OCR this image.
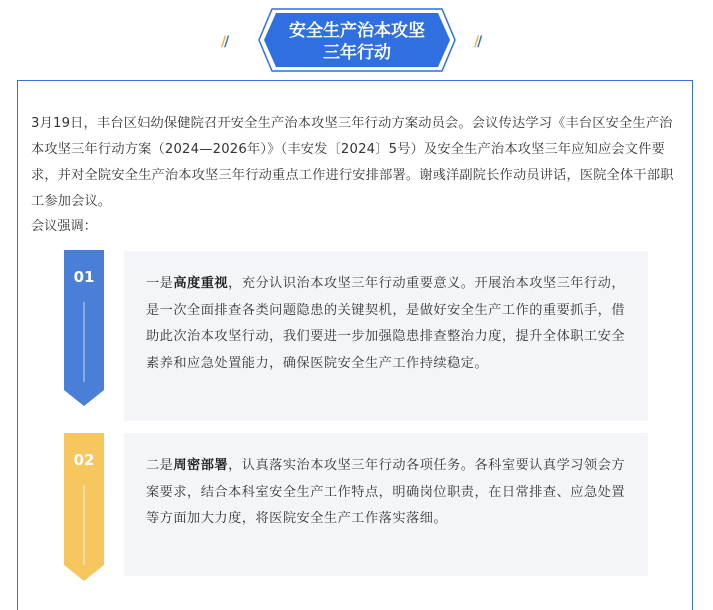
//
安全生产治本攻坚
三年行动
//

3月19日，丰台区妇幼保健院召开安全生产治本攻坚三年行动方案动员会。会议传达学习《丰台区安全生产治本攻坚三年行动方案（2024—2026年）》（丰安发〔2024〕5号）及安全生产治本攻坚三年应知应会文件要求，并对全院安全生产治本攻坚三年行动重点工作进行安排部署。谢彧洋副院长作动员讲话，医院全体干部职工参加会议。

会议强调：
01	一是高度重视，充分认识治本攻坚三年行动重要意义。开展治本攻坚三年行动，是一次全面排查各类问题隐患的关键契机，是做好安全生产工作的重要抓手，借助此次治本攻坚行动，我们要进一步加强隐患排查整治力度，提升全体职工安全素养和应急处置能力，确保医院安全生产工作持续稳定。

02	二是周密部署，认真落实治本攻坚三年行动各项任务。各科室要认真学习领会方案要求，结合本科室安全生产工作特点，明确岗位职责，在日常排查、应急处置等方面加大力度，将医院安全生产工作落实落细。
